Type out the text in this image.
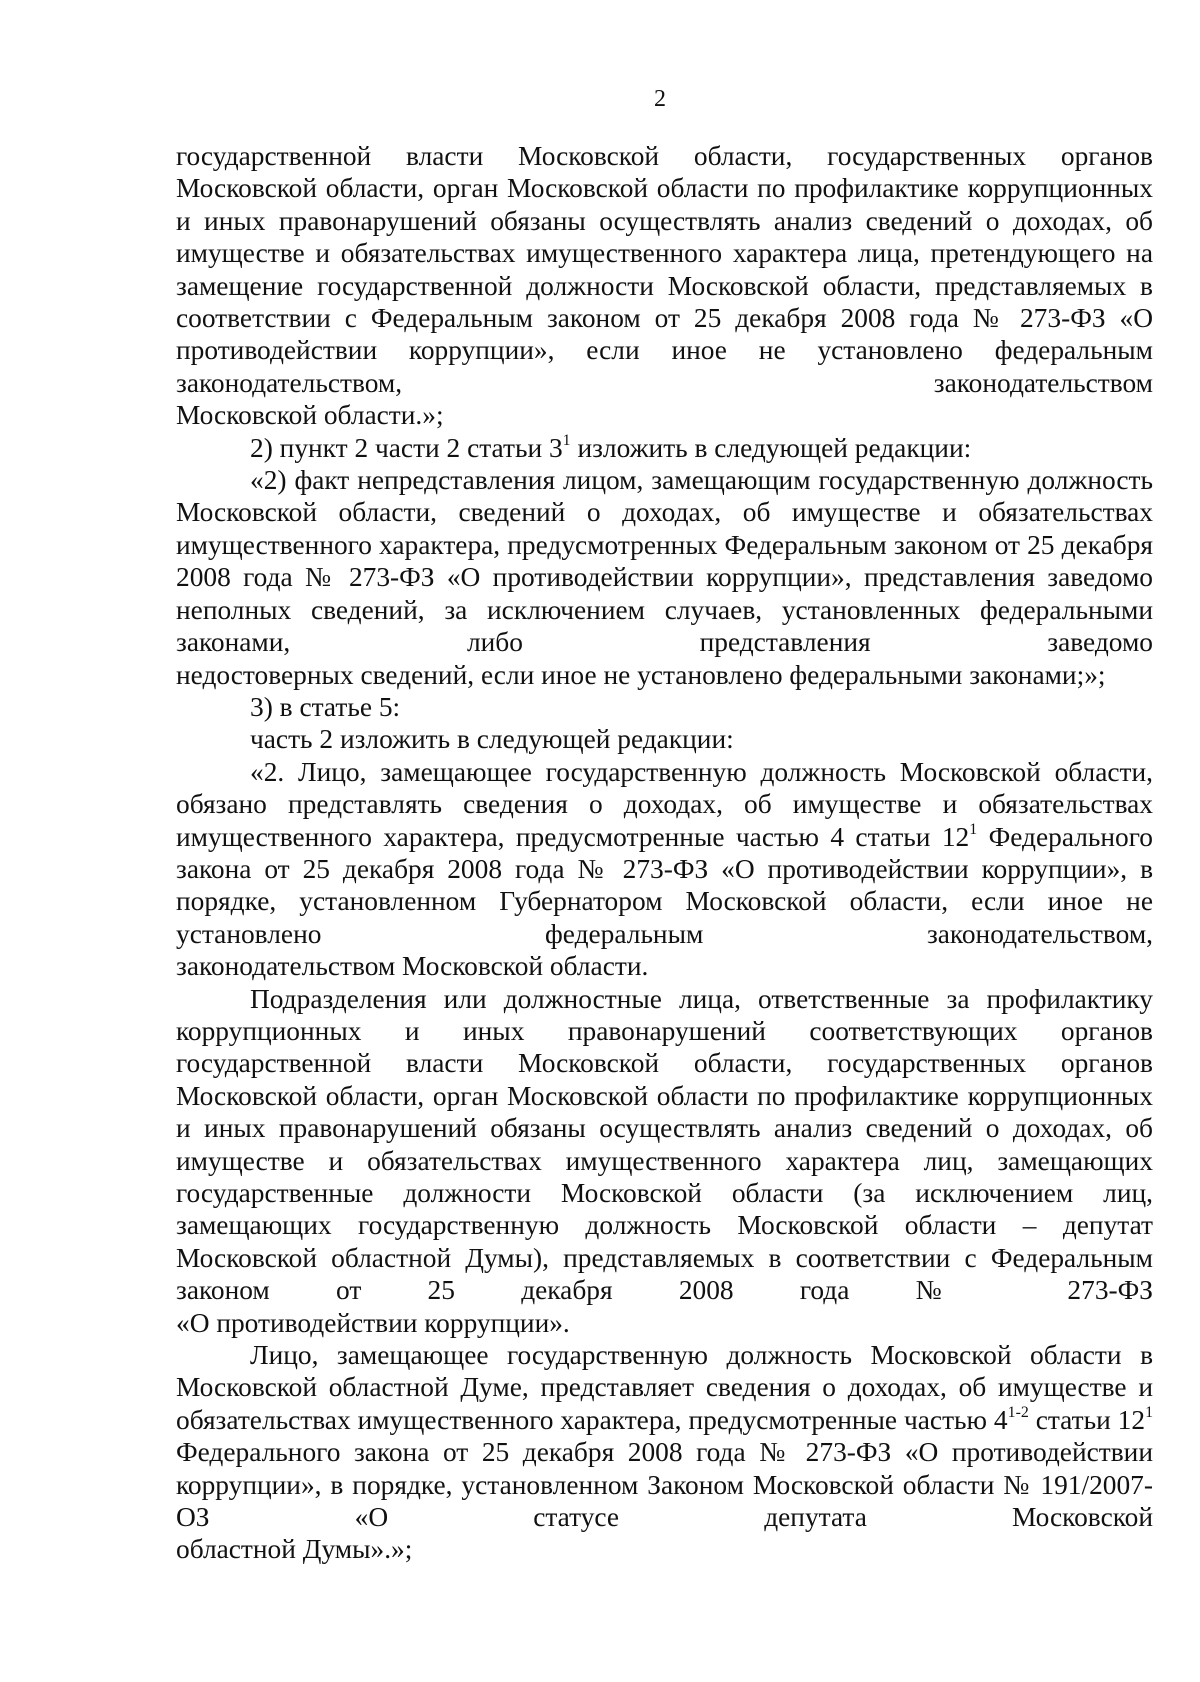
2

государственной власти Московской области, государственных органов Московской области, орган Московской области по профилактике коррупционных и иных правонарушений обязаны осуществлять анализ сведений о доходах, об имуществе и обязательствах имущественного характера лица, претендующего на замещение государственной должности Московской области, представляемых в соответствии с Федеральным законом от 25 декабря 2008 года № 273-ФЗ «О противодействии коррупции», если иное не установлено федеральным законодательством, законодательством

Московской области.»;

2) пункт 2 части 2 статьи $3^1$ изложить в следующей редакции:

«2) факт непредставления лицом, замещающим государственную должность Московской области, сведений о доходах, об имуществе и обязательствах имущественного характера, предусмотренных Федеральным законом от 25 декабря 2008 года № 273-ФЗ «О противодействии коррупции», представления заведомо неполных сведений, за исключением случаев, установленных федеральными законами, либо представления заведомо

недостоверных сведений, если иное не установлено федеральными законами;»;

3) в статье 5:

часть 2 изложить в следующей редакции:

«2. Лицо, замещающее государственную должность Московской области, обязано представлять сведения о доходах, об имуществе и обязательствах имущественного характера, предусмотренные частью 4 статьи $12^1$ Федерального закона от 25 декабря 2008 года № 273-ФЗ «О противодействии коррупции», в порядке, установленном Губернатором Московской области, если иное не установлено федеральным законодательством,

законодательством Московской области.

Подразделения или должностные лица, ответственные за профилактику коррупционных и иных правонарушений соответствующих органов государственной власти Московской области, государственных органов Московской области, орган Московской области по профилактике коррупционных и иных правонарушений обязаны осуществлять анализ сведений о доходах, об имуществе и обязательствах имущественного характера лиц, замещающих государственные должности Московской области (за исключением лиц, замещающих государственную должность Московской области – депутат Московской областной Думы), представляемых в соответствии с Федеральным законом от 25 декабря 2008 года № 273-ФЗ

«О противодействии коррупции».

Лицо, замещающее государственную должность Московской области в Московской областной Думе, представляет сведения о доходах, об имуществе и обязательствах имущественного характера, предусмотренные частью 4$^{1-2}$ статьи $12^1$ Федерального закона от 25 декабря 2008 года № 273-ФЗ «О противодействии коррупции», в порядке, установленном Законом Московской области № 191/2007-ОЗ «О статусе депутата Московской

областной Думы».»;
